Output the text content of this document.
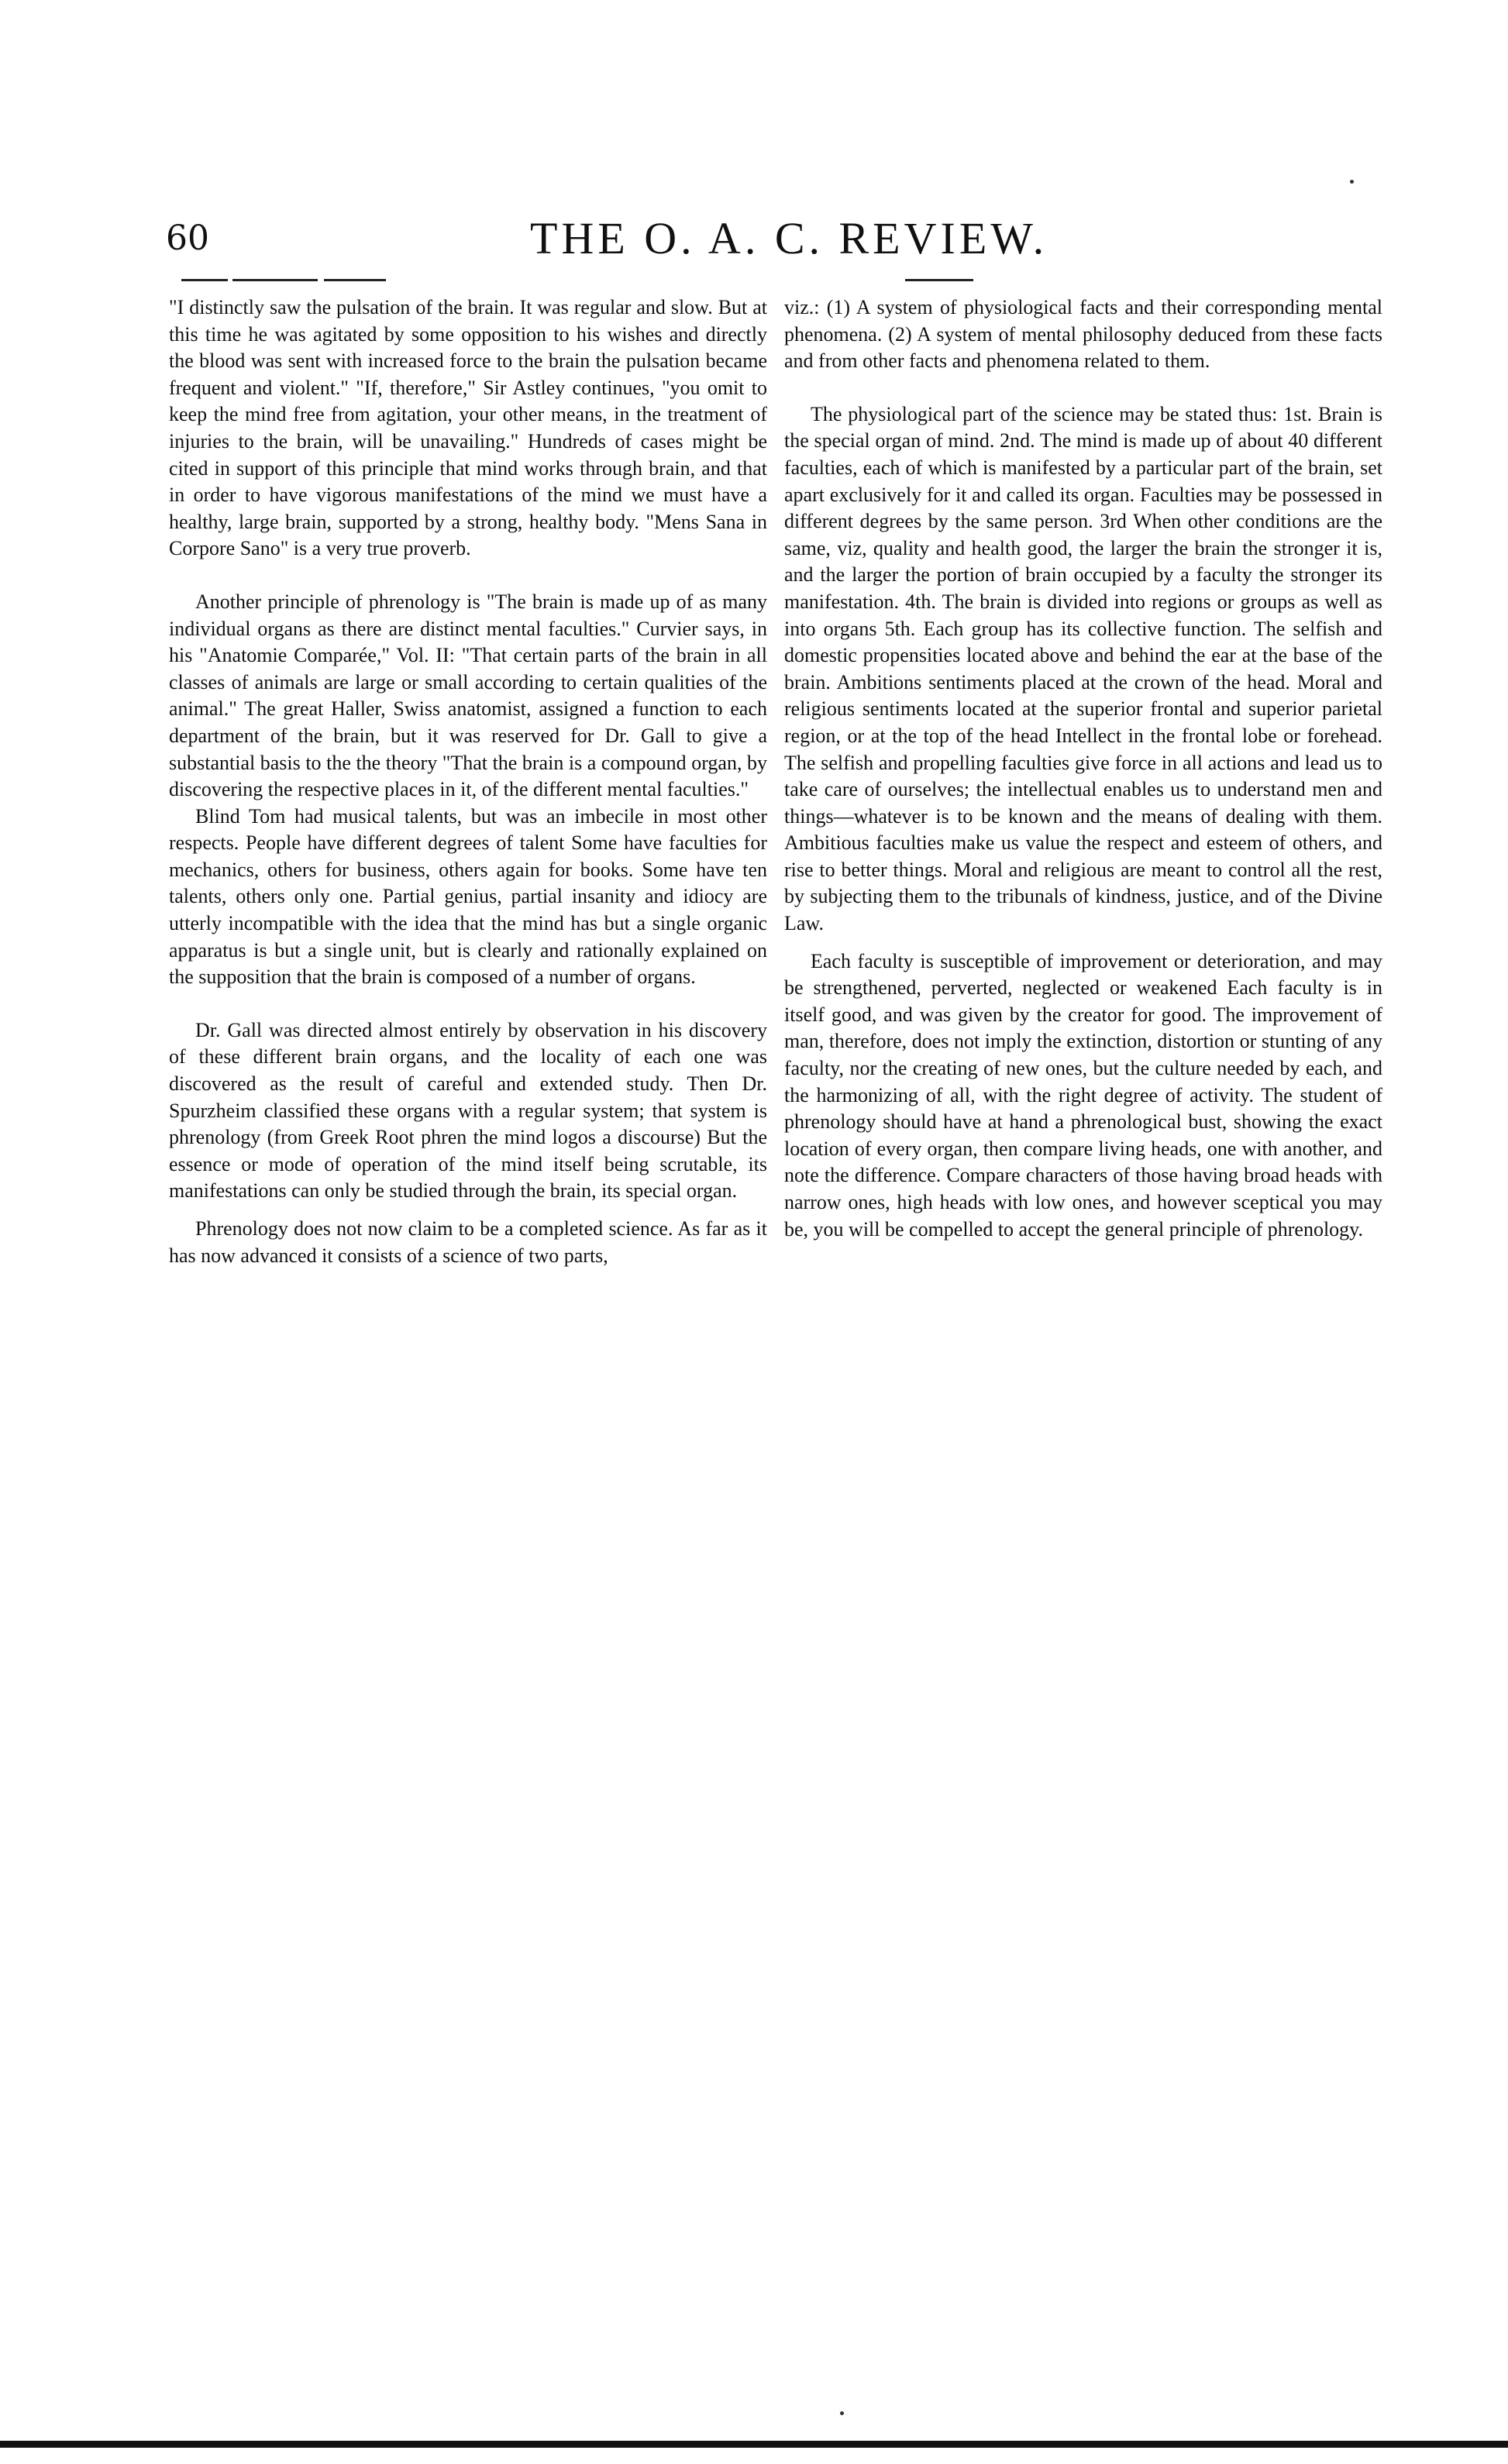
60	THE O. A. C. REVIEW.

"I distinctly saw the pulsation of the brain. It was regular and slow. But at this time he was agitated by some opposition to his wishes and directly the blood was sent with increased force to the brain the pulsation became frequent and violent." "If, therefore," Sir Astley continues, "you omit to keep the mind free from agitation, your other means, in the treatment of injuries to the brain, will be unavailing." Hundreds of cases might be cited in support of this principle that mind works through brain, and that in order to have vigorous manifestations of the mind we must have a healthy, large brain, supported by a strong, healthy body. "Mens Sana in Corpore Sano" is a very true proverb.

Another principle of phrenology is "The brain is made up of as many individual organs as there are distinct mental faculties." Curvier says, in his "Anatomie Comparée," Vol. II: "That certain parts of the brain in all classes of animals are large or small according to certain qualities of the animal." The great Haller, Swiss anatomist, assigned a function to each department of the brain, but it was reserved for Dr. Gall to give a substantial basis to the the theory "That the brain is a compound organ, by discovering the respective places in it, of the different mental faculties."

Blind Tom had musical talents, but was an imbecile in most other respects. People have different degrees of talent Some have faculties for mechanics, others for business, others again for books. Some have ten talents, others only one. Partial genius, partial insanity and idiocy are utterly incompatible with the idea that the mind has but a single organic apparatus is but a single unit, but is clearly and rationally explained on the supposition that the brain is composed of a number of organs.

Dr. Gall was directed almost entirely by observation in his discovery of these different brain organs, and the locality of each one was discovered as the result of careful and extended study. Then Dr. Spurzheim classified these organs with a regular system; that system is phrenology (from Greek Root phren the mind logos a discourse) But the essence or mode of operation of the mind itself being scrutable, its manifestations can only be studied through the brain, its special organ.

Phrenology does not now claim to be a completed science. As far as it has now advanced it consists of a science of two parts,

viz.: (1) A system of physiological facts and their corresponding mental phenomena. (2) A system of mental philosophy deduced from these facts and from other facts and phenomena related to them.

The physiological part of the science may be stated thus: 1st. Brain is the special organ of mind. 2nd. The mind is made up of about 40 different faculties, each of which is manifested by a particular part of the brain, set apart exclusively for it and called its organ. Faculties may be possessed in different degrees by the same person. 3rd When other conditions are the same, viz, quality and health good, the larger the brain the stronger it is, and the larger the portion of brain occupied by a faculty the stronger its manifestation. 4th. The brain is divided into regions or groups as well as into organs 5th. Each group has its collective function. The selfish and domestic propensities located above and behind the ear at the base of the brain. Ambitions sentiments placed at the crown of the head. Moral and religious sentiments located at the superior frontal and superior parietal region, or at the top of the head Intellect in the frontal lobe or forehead. The selfish and propelling faculties give force in all actions and lead us to take care of ourselves; the intellectual enables us to understand men and things—whatever is to be known and the means of dealing with them. Ambitious faculties make us value the respect and esteem of others, and rise to better things. Moral and religious are meant to control all the rest, by subjecting them to the tribunals of kindness, justice, and of the Divine Law.

Each faculty is susceptible of improvement or deterioration, and may be strengthened, perverted, neglected or weakened Each faculty is in itself good, and was given by the creator for good. The improvement of man, therefore, does not imply the extinction, distortion or stunting of any faculty, nor the creating of new ones, but the culture needed by each, and the harmonizing of all, with the right degree of activity. The student of phrenology should have at hand a phrenological bust, showing the exact location of every organ, then compare living heads, one with another, and note the difference. Compare characters of those having broad heads with narrow ones, high heads with low ones, and however sceptical you may be, you will be compelled to accept the general principle of phrenology.
